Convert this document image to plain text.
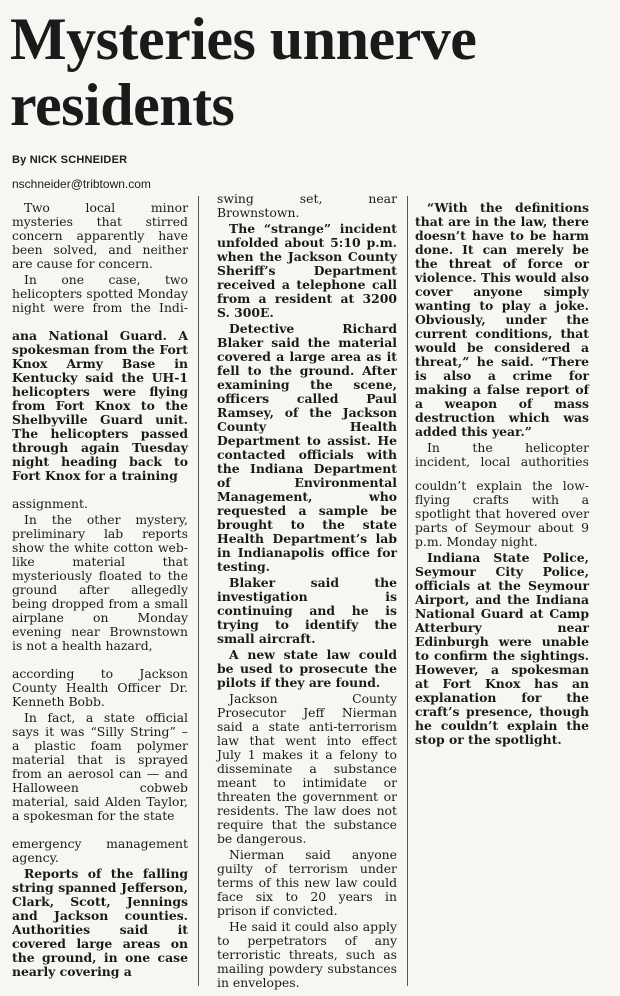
Mysteries unnerve residents
By NICK SCHNEIDER
nschneider@tribtown.com

Two local minor mysteries that stirred concern apparently have been solved, and neither are cause for concern.

In one case, two helicopters spotted Monday night were from the Indi-

ana National Guard. A spokesman from the Fort Knox Army Base in Kentucky said the UH-1 helicopters were flying from Fort Knox to the Shelbyville Guard unit. The helicopters passed through again Tuesday night heading back to Fort Knox for a training

assignment.

In the other mystery, preliminary lab reports show the white cotton web-like material that mysteriously floated to the ground after allegedly being dropped from a small airplane on Monday evening near Brownstown is not a health hazard,

according to Jackson County Health Officer Dr. Kenneth Bobb.

In fact, a state official says it was “Silly String” – a plastic foam polymer material that is sprayed from an aerosol can — and Halloween cobweb material, said Alden Taylor, a spokesman for the state

emergency management agency.

Reports of the falling string spanned Jefferson, Clark, Scott, Jennings and Jackson counties. Authorities said it covered large areas on the ground, in one case nearly covering a

swing set, near Brownstown.

The “strange” incident unfolded about 5:10 p.m. when the Jackson County Sheriff’s Department received a telephone call from a resident at 3200 S. 300E.

Detective Richard Blaker said the material covered a large area as it fell to the ground. After examining the scene, officers called Paul Ramsey, of the Jackson County Health Department to assist. He contacted officials with the Indiana Department of Environmental Management, who requested a sample be brought to the state Health Department’s lab in Indianapolis office for testing.

Blaker said the investigation is continuing and he is trying to identify the small aircraft.

A new state law could be used to prosecute the pilots if they are found.

Jackson County Prosecutor Jeff Nierman said a state anti-terrorism law that went into effect July 1 makes it a felony to disseminate a substance meant to intimidate or threaten the government or residents. The law does not require that the substance be dangerous.

Nierman said anyone guilty of terrorism under terms of this new law could face six to 20 years in prison if convicted.

He said it could also apply to perpetrators of any terroristic threats, such as mailing powdery substances in envelopes.

“With the definitions that are in the law, there doesn’t have to be harm done. It can merely be the threat of force or violence. This would also cover anyone simply wanting to play a joke. Obviously, under the current conditions, that would be considered a threat,” he said. “There is also a crime for making a false report of a weapon of mass destruction which was added this year.”

In the helicopter incident, local authorities

couldn’t explain the low-flying crafts with a spotlight that hovered over parts of Seymour about 9 p.m. Monday night.

Indiana State Police, Seymour City Police, officials at the Seymour Airport, and the Indiana National Guard at Camp Atterbury near Edinburgh were unable to confirm the sightings. However, a spokesman at Fort Knox has an explanation for the craft’s presence, though he couldn’t explain the stop or the spotlight.
